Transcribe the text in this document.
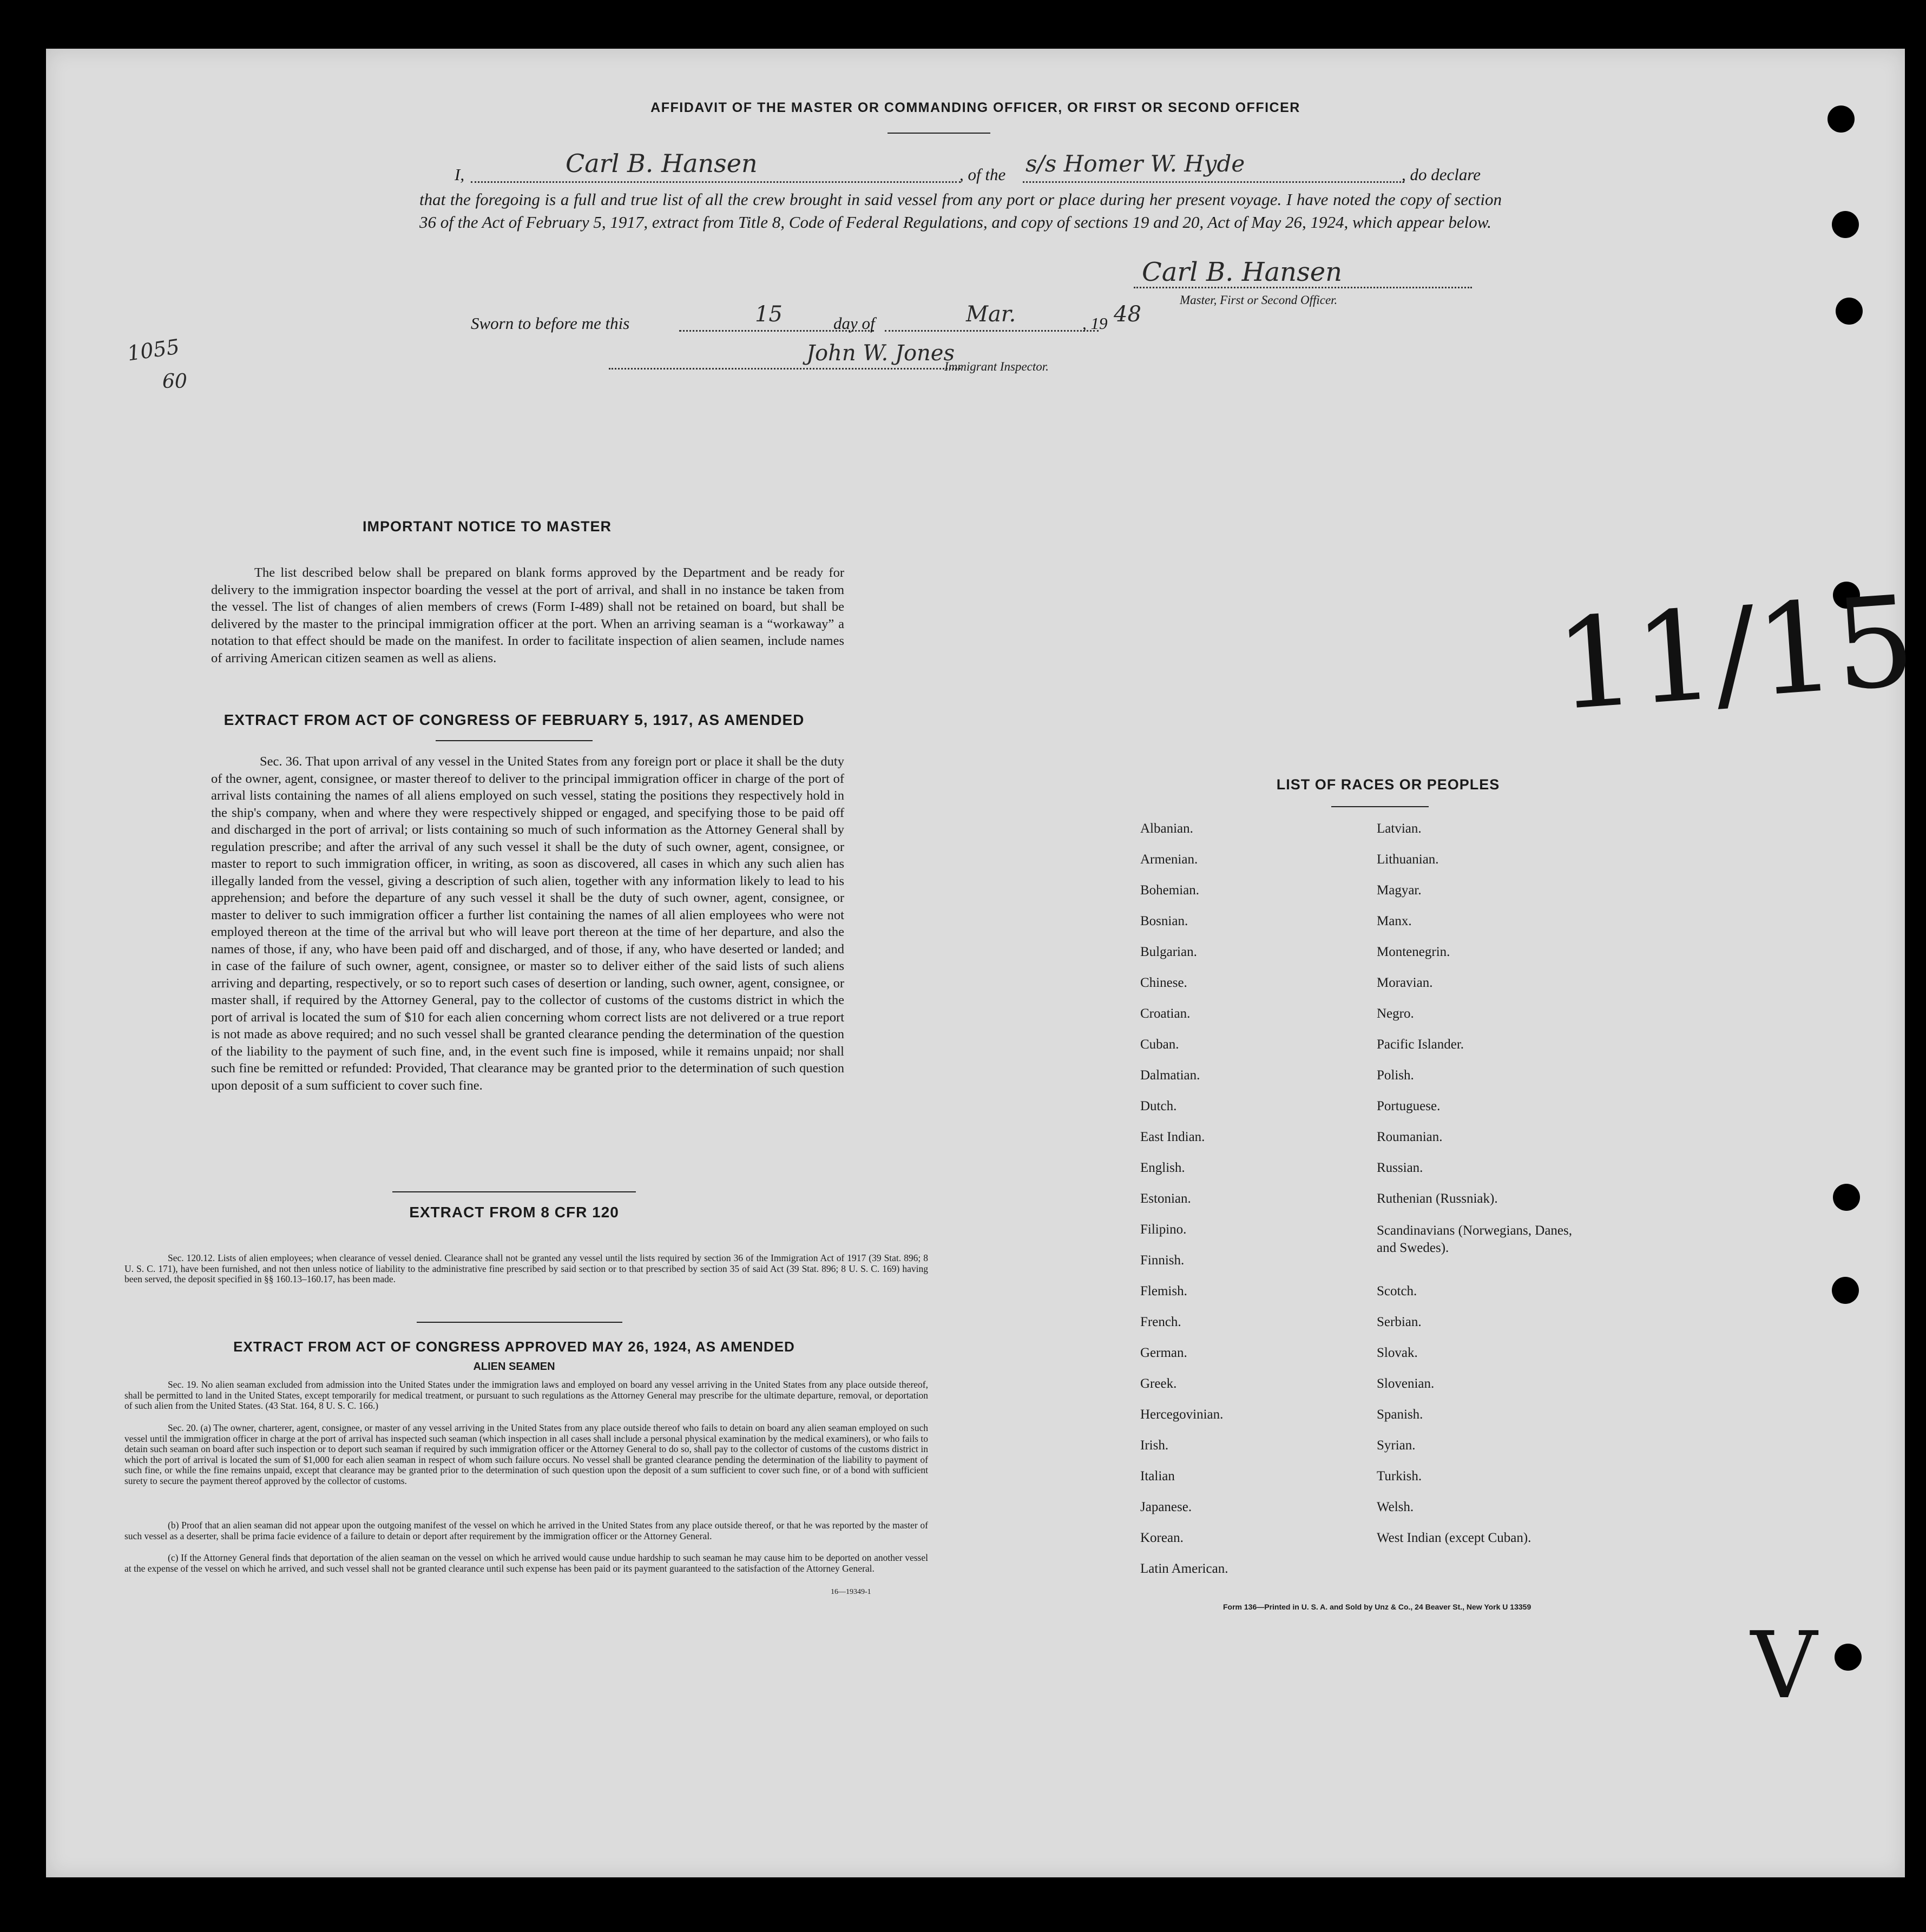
AFFIDAVIT OF THE MASTER OR COMMANDING OFFICER, OR FIRST OR SECOND OFFICER
I,	Carl B. Hansen	, of the s/s Homer W. Hyde	, do declare
that the foregoing is a full and true list of all the crew brought in said vessel from any port or place during her present voyage. I have noted the copy of section 36 of the Act of February 5, 1917, extract from Title 8, Code of Federal Regulations, and copy of sections 19 and 20, Act of May 26, 1924, which appear below.
Carl B. Hansen
Master, First or Second Officer.
Sworn to before me this	15	day of	Mar.	, 19 48
John W. Jones
Immigrant Inspector.
1055
60
11/15
V
IMPORTANT NOTICE TO MASTER
The list described below shall be prepared on blank forms approved by the Department and be ready for delivery to the immigration inspector boarding the vessel at the port of arrival, and shall in no instance be taken from the vessel. The list of changes of alien members of crews (Form I-489) shall not be retained on board, but shall be delivered by the master to the principal immigration officer at the port. When an arriving seaman is a “workaway” a notation to that effect should be made on the manifest. In order to facilitate inspection of alien seamen, include names of arriving American citizen seamen as well as aliens.
EXTRACT FROM ACT OF CONGRESS OF FEBRUARY 5, 1917, AS AMENDED
Sec. 36. That upon arrival of any vessel in the United States from any foreign port or place it shall be the duty of the owner, agent, consignee, or master thereof to deliver to the principal immigration officer in charge of the port of arrival lists containing the names of all aliens employed on such vessel, stating the positions they respectively hold in the ship's company, when and where they were respectively shipped or engaged, and specifying those to be paid off and discharged in the port of arrival; or lists containing so much of such information as the Attorney General shall by regulation prescribe; and after the arrival of any such vessel it shall be the duty of such owner, agent, consignee, or master to report to such immigration officer, in writing, as soon as discovered, all cases in which any such alien has illegally landed from the vessel, giving a description of such alien, together with any information likely to lead to his apprehension; and before the departure of any such vessel it shall be the duty of such owner, agent, consignee, or master to deliver to such immigration officer a further list containing the names of all alien employees who were not employed thereon at the time of the arrival but who will leave port thereon at the time of her departure, and also the names of those, if any, who have been paid off and discharged, and of those, if any, who have deserted or landed; and in case of the failure of such owner, agent, consignee, or master so to deliver either of the said lists of such aliens arriving and departing, respectively, or so to report such cases of desertion or landing, such owner, agent, consignee, or master shall, if required by the Attorney General, pay to the collector of customs of the customs district in which the port of arrival is located the sum of $10 for each alien concerning whom correct lists are not delivered or a true report is not made as above required; and no such vessel shall be granted clearance pending the determination of the question of the liability to the payment of such fine, and, in the event such fine is imposed, while it remains unpaid; nor shall such fine be remitted or refunded: Provided, That clearance may be granted prior to the determination of such question upon deposit of a sum sufficient to cover such fine.
EXTRACT FROM 8 CFR 120
Sec. 120.12. Lists of alien employees; when clearance of vessel denied. Clearance shall not be granted any vessel until the lists required by section 36 of the Immigration Act of 1917 (39 Stat. 896; 8 U. S. C. 171), have been furnished, and not then unless notice of liability to the administrative fine prescribed by said section or to that prescribed by section 35 of said Act (39 Stat. 896; 8 U. S. C. 169) having been served, the deposit specified in §§ 160.13–160.17, has been made.
EXTRACT FROM ACT OF CONGRESS APPROVED MAY 26, 1924, AS AMENDED
ALIEN SEAMEN
Sec. 19. No alien seaman excluded from admission into the United States under the immigration laws and employed on board any vessel arriving in the United States from any place outside thereof, shall be permitted to land in the United States, except temporarily for medical treatment, or pursuant to such regulations as the Attorney General may prescribe for the ultimate departure, removal, or deportation of such alien from the United States. (43 Stat. 164, 8 U. S. C. 166.)
Sec. 20. (a) The owner, charterer, agent, consignee, or master of any vessel arriving in the United States from any place outside thereof who fails to detain on board any alien seaman employed on such vessel until the immigration officer in charge at the port of arrival has inspected such seaman (which inspection in all cases shall include a personal physical examination by the medical examiners), or who fails to detain such seaman on board after such inspection or to deport such seaman if required by such immigration officer or the Attorney General to do so, shall pay to the collector of customs of the customs district in which the port of arrival is located the sum of $1,000 for each alien seaman in respect of whom such failure occurs. No vessel shall be granted clearance pending the determination of the liability to payment of such fine, or while the fine remains unpaid, except that clearance may be granted prior to the determination of such question upon the deposit of a sum sufficient to cover such fine, or of a bond with sufficient surety to secure the payment thereof approved by the collector of customs.
(b) Proof that an alien seaman did not appear upon the outgoing manifest of the vessel on which he arrived in the United States from any place outside thereof, or that he was reported by the master of such vessel as a deserter, shall be prima facie evidence of a failure to detain or deport after requirement by the immigration officer or the Attorney General.
(c) If the Attorney General finds that deportation of the alien seaman on the vessel on which he arrived would cause undue hardship to such seaman he may cause him to be deported on another vessel at the expense of the vessel on which he arrived, and such vessel shall not be granted clearance until such expense has been paid or its payment guaranteed to the satisfaction of the Attorney General.
16—19349-1
LIST OF RACES OR PEOPLES
Albanian.
Armenian.
Bohemian.
Bosnian.
Bulgarian.
Chinese.
Croatian.
Cuban.
Dalmatian.
Dutch.
East Indian.
English.
Estonian.
Filipino.
Finnish.
Flemish.
French.
German.
Greek.
Hercegovinian.
Irish.
Italian
Japanese.
Korean.
Latin American.
Latvian.
Lithuanian.
Magyar.
Manx.
Montenegrin.
Moravian.
Negro.
Pacific Islander.
Polish.
Portuguese.
Roumanian.
Russian.
Ruthenian (Russniak).
Scandinavians (Norwegians, Danes, and Swedes).
Scotch.
Serbian.
Slovak.
Slovenian.
Spanish.
Syrian.
Turkish.
Welsh.
West Indian (except Cuban).
Form 136—Printed in U. S. A. and Sold by Unz & Co., 24 Beaver St., New York U 13359
